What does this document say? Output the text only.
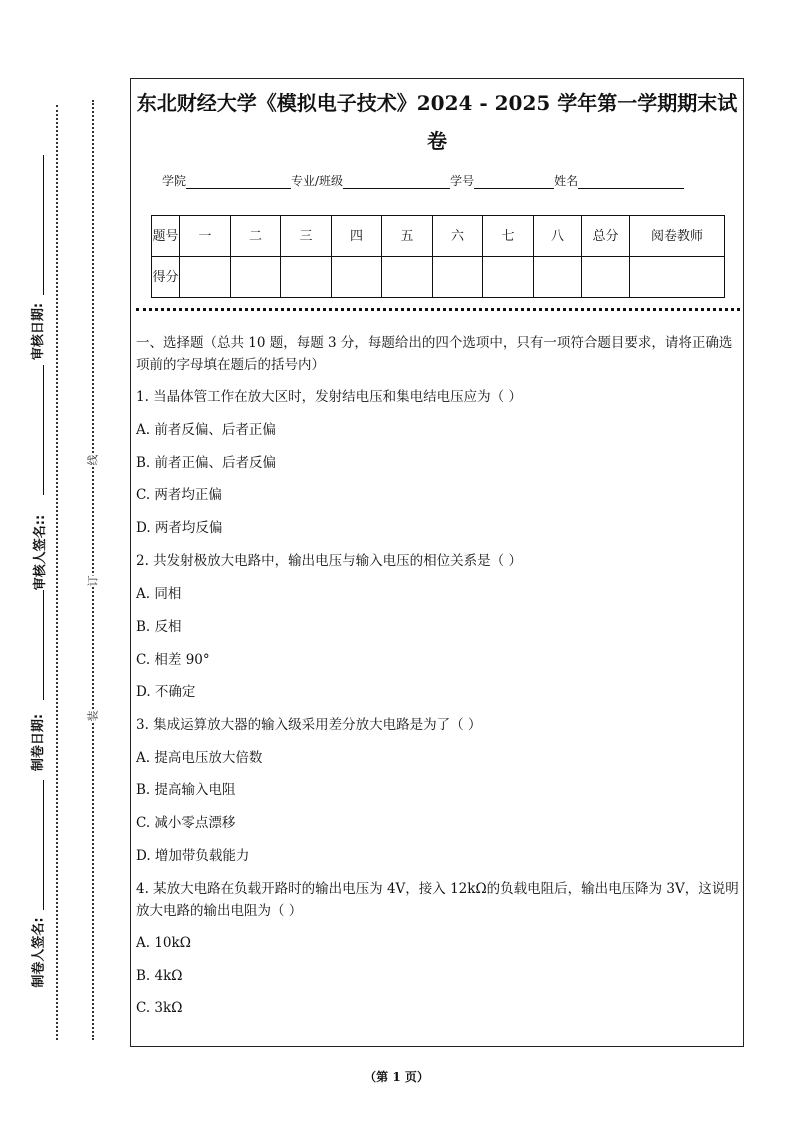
审核日期:
审核人签名::
制卷日期:
制卷人签名:
线
订
装
东北财经大学《模拟电子技术》2024 - 2025 学年第一学期期末试
卷
学院	专业/班级	学号	姓名
题号	一	二	三	四	五	六	七	八	总分	阅卷教师
得分										
一、选择题（总共 10 题，每题 3 分，每题给出的四个选项中，只有一项符合题目要求，请将正确选项前的字母填在题后的括号内）
1. 当晶体管工作在放大区时，发射结电压和集电结电压应为（ ）
A. 前者反偏、后者正偏
B. 前者正偏、后者反偏
C. 两者均正偏
D. 两者均反偏
2. 共发射极放大电路中，输出电压与输入电压的相位关系是（ ）
A. 同相
B. 反相
C. 相差 90°
D. 不确定
3. 集成运算放大器的输入级采用差分放大电路是为了（ ）
A. 提高电压放大倍数
B. 提高输入电阻
C. 减小零点漂移
D. 增加带负载能力
4. 某放大电路在负载开路时的输出电压为 4V，接入 12kΩ的负载电阻后，输出电压降为 3V，这说明放大电路的输出电阻为（ ）
A. 10kΩ
B. 4kΩ
C. 3kΩ
（第 1 页）
